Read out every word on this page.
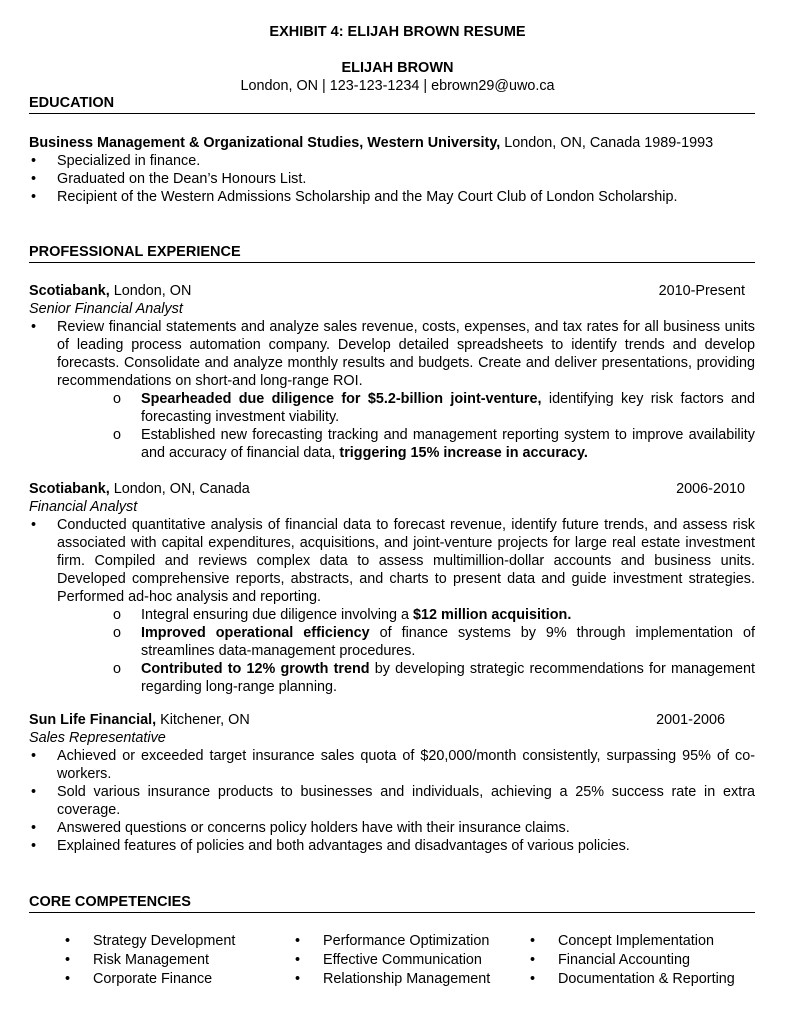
EXHIBIT 4: ELIJAH BROWN RESUME
ELIJAH BROWN
London, ON | 123-123-1234 | ebrown29@uwo.ca
EDUCATION
Business Management & Organizational Studies, Western University, London, ON, Canada 1989-1993
• Specialized in finance.
• Graduated on the Dean’s Honours List.
• Recipient of the Western Admissions Scholarship and the May Court Club of London Scholarship.
PROFESSIONAL EXPERIENCE
Scotiabank, London, ON	2010-Present
Senior Financial Analyst
• Review financial statements and analyze sales revenue, costs, expenses, and tax rates for all business units of leading process automation company. Develop detailed spreadsheets to identify trends and develop forecasts. Consolidate and analyze monthly results and budgets. Create and deliver presentations, providing recommendations on short-and long-range ROI.
o Spearheaded due diligence for $5.2-billion joint-venture, identifying key risk factors and forecasting investment viability.
o Established new forecasting tracking and management reporting system to improve availability and accuracy of financial data, triggering 15% increase in accuracy.
Scotiabank, London, ON, Canada	2006-2010
Financial Analyst
• Conducted quantitative analysis of financial data to forecast revenue, identify future trends, and assess risk associated with capital expenditures, acquisitions, and joint-venture projects for large real estate investment firm. Compiled and reviews complex data to assess multimillion-dollar accounts and business units. Developed comprehensive reports, abstracts, and charts to present data and guide investment strategies. Performed ad-hoc analysis and reporting.
o Integral ensuring due diligence involving a $12 million acquisition.
o Improved operational efficiency of finance systems by 9% through implementation of streamlines data-management procedures.
o Contributed to 12% growth trend by developing strategic recommendations for management regarding long-range planning.
Sun Life Financial, Kitchener, ON	2001-2006
Sales Representative
• Achieved or exceeded target insurance sales quota of $20,000/month consistently, surpassing 95% of co-workers.
• Sold various insurance products to businesses and individuals, achieving a 25% success rate in extra coverage.
• Answered questions or concerns policy holders have with their insurance claims.
• Explained features of policies and both advantages and disadvantages of various policies.
CORE COMPETENCIES
• Strategy Development
• Risk Management
• Corporate Finance
• Performance Optimization
• Effective Communication
• Relationship Management
• Concept Implementation
• Financial Accounting
• Documentation & Reporting
